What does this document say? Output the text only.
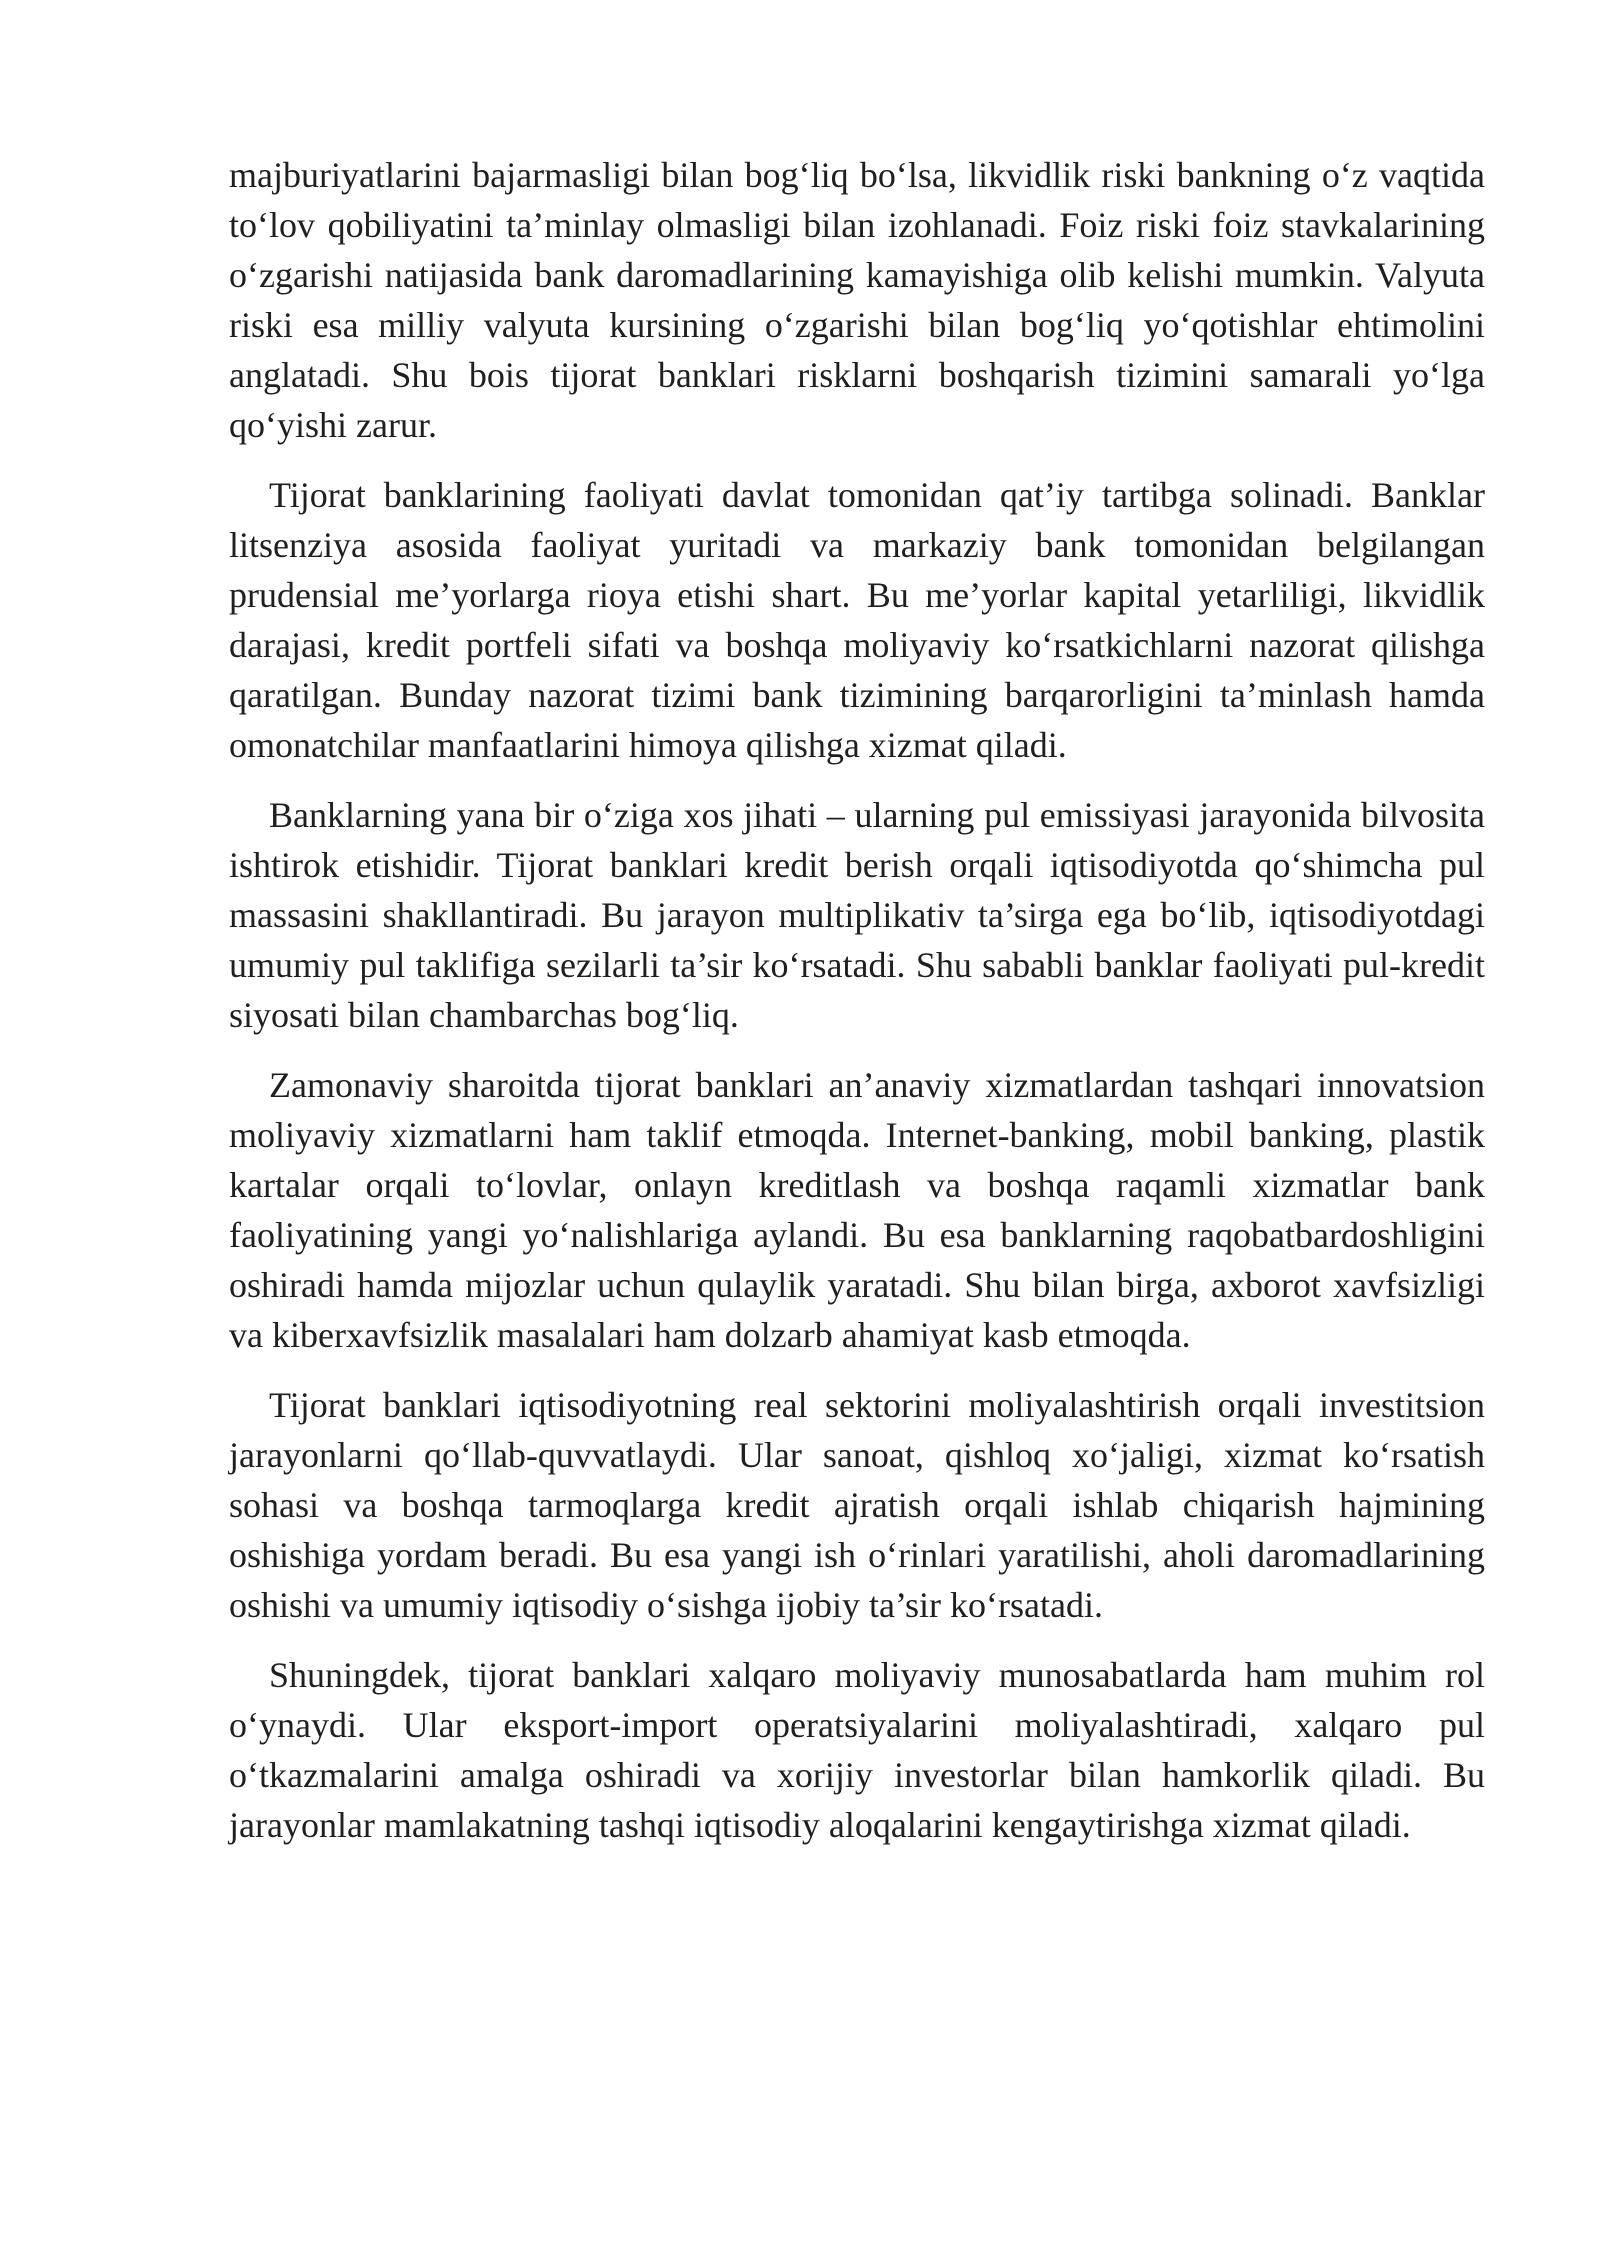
majburiyatlarini bajarmasligi bilan bog‘liq bo‘lsa, likvidlik riski bankning o‘z vaqtida to‘lov qobiliyatini ta’minlay olmasligi bilan izohlanadi. Foiz riski foiz stavkalarining o‘zgarishi natijasida bank daromadlarining kamayishiga olib kelishi mumkin. Valyuta riski esa milliy valyuta kursining o‘zgarishi bilan bog‘liq yo‘qotishlar ehtimolini anglatadi. Shu bois tijorat banklari risklarni boshqarish tizimini samarali yo‘lga qo‘yishi zarur.

Tijorat banklarining faoliyati davlat tomonidan qat’iy tartibga solinadi. Banklar litsenziya asosida faoliyat yuritadi va markaziy bank tomonidan belgilangan prudensial me’yorlarga rioya etishi shart. Bu me’yorlar kapital yetarliligi, likvidlik darajasi, kredit portfeli sifati va boshqa moliyaviy ko‘rsatkichlarni nazorat qilishga qaratilgan. Bunday nazorat tizimi bank tizimining barqarorligini ta’minlash hamda omonatchilar manfaatlarini himoya qilishga xizmat qiladi.

Banklarning yana bir o‘ziga xos jihati – ularning pul emissiyasi jarayonida bilvosita ishtirok etishidir. Tijorat banklari kredit berish orqali iqtisodiyotda qo‘shimcha pul massasini shakllantiradi. Bu jarayon multiplikativ ta’sirga ega bo‘lib, iqtisodiyotdagi umumiy pul taklifiga sezilarli ta’sir ko‘rsatadi. Shu sababli banklar faoliyati pul-kredit siyosati bilan chambarchas bog‘liq.

Zamonaviy sharoitda tijorat banklari an’anaviy xizmatlardan tashqari innovatsion moliyaviy xizmatlarni ham taklif etmoqda. Internet-banking, mobil banking, plastik kartalar orqali to‘lovlar, onlayn kreditlash va boshqa raqamli xizmatlar bank faoliyatining yangi yo‘nalishlariga aylandi. Bu esa banklarning raqobatbardoshligini oshiradi hamda mijozlar uchun qulaylik yaratadi. Shu bilan birga, axborot xavfsizligi va kiberxavfsizlik masalalari ham dolzarb ahamiyat kasb etmoqda.

Tijorat banklari iqtisodiyotning real sektorini moliyalashtirish orqali investitsion jarayonlarni qo‘llab-quvvatlaydi. Ular sanoat, qishloq xo‘jaligi, xizmat ko‘rsatish sohasi va boshqa tarmoqlarga kredit ajratish orqali ishlab chiqarish hajmining oshishiga yordam beradi. Bu esa yangi ish o‘rinlari yaratilishi, aholi daromadlarining oshishi va umumiy iqtisodiy o‘sishga ijobiy ta’sir ko‘rsatadi.

Shuningdek, tijorat banklari xalqaro moliyaviy munosabatlarda ham muhim rol o‘ynaydi. Ular eksport-import operatsiyalarini moliyalashtiradi, xalqaro pul o‘tkazmalarini amalga oshiradi va xorijiy investorlar bilan hamkorlik qiladi. Bu jarayonlar mamlakatning tashqi iqtisodiy aloqalarini kengaytirishga xizmat qiladi.
